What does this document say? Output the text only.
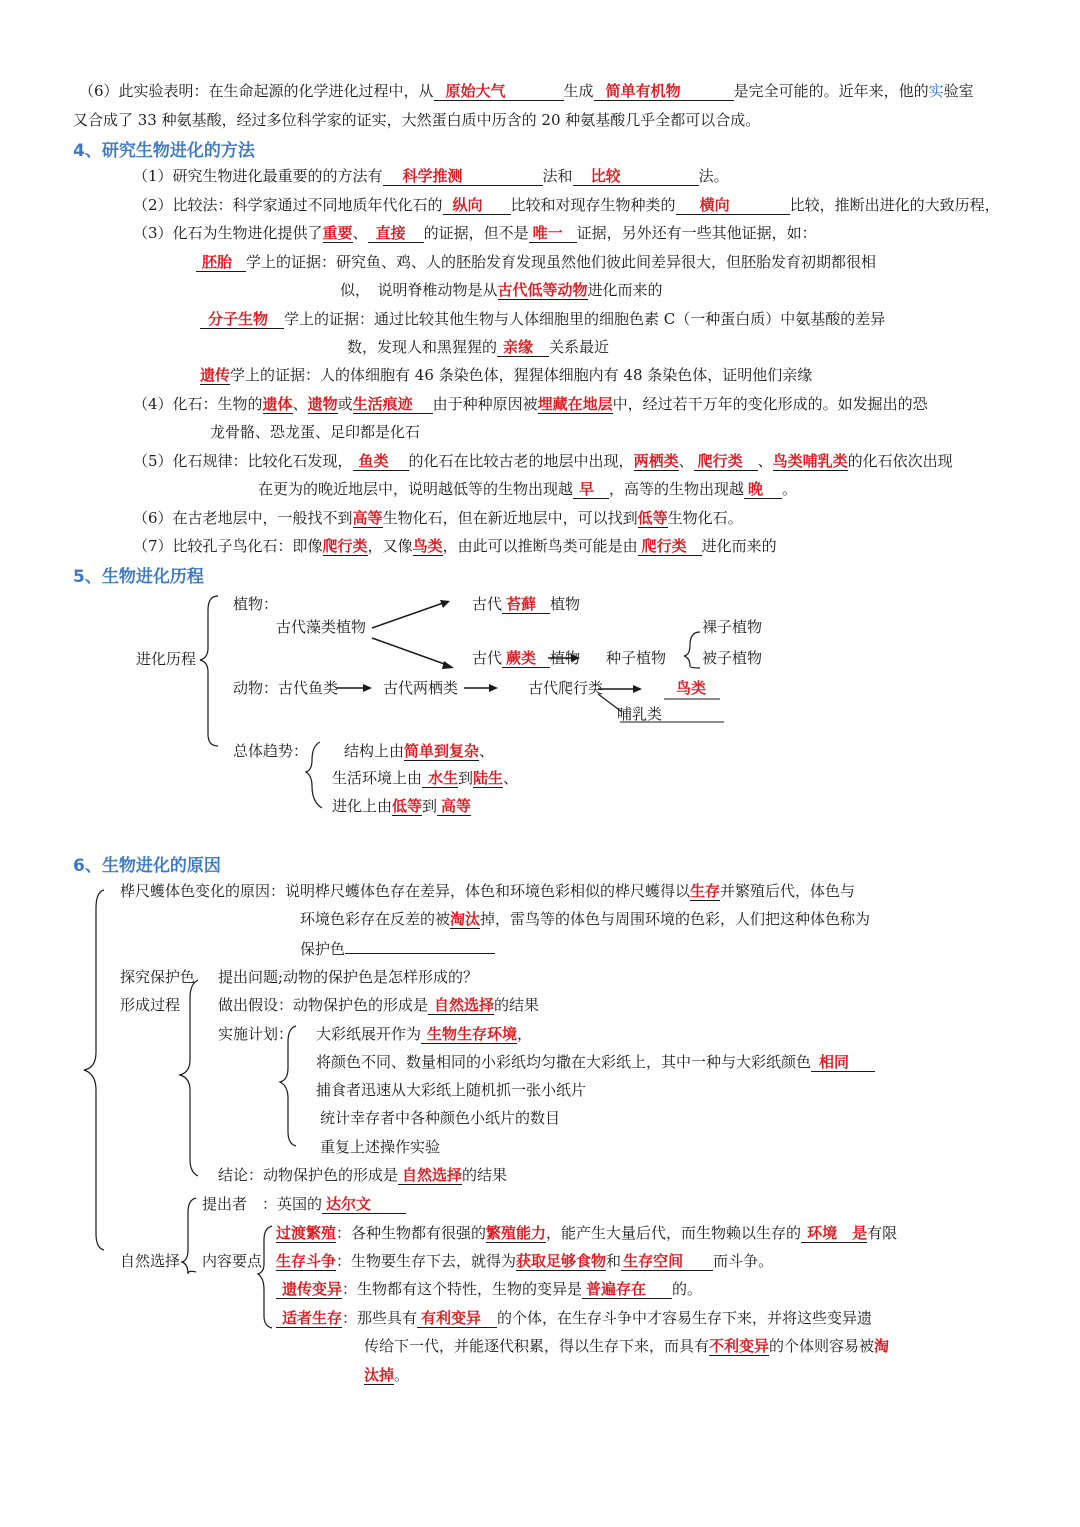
（6）此实验表明：在生命起源的化学进化过程中，从 原始大气	生成 简单有机物	是完全可能的。近年来，他的实验室
又合成了 33 种氨基酸，经过多位科学家的证实，大然蛋白质中历含的 20 种氨基酸几乎全都可以合成。
4、研究生物进化的方法
（1）研究生物进化最重要的的方法有 科学推测	法和 比较	法。
（2）比较法：科学家通过不同地质年代化石的 纵向 比较和对现存生物种类的 横向	比较，推断出进化的大致历程，
（3）化石为生物进化提供了重要、 直接 的证据，但不是 唯一 证据，另外还有一些其他证据，如：
胚胎 学上的证据：研究鱼、鸡、人的胚胎发育发现虽然他们彼此间差异很大，但胚胎发育初期都很相
似，　说明脊椎动物是从古代低等动物进化而来的
分子生物 学上的证据：通过比较其他生物与人体细胞里的细胞色素 C（一种蛋白质）中氨基酸的差异
数，发现人和黑猩猩的 亲缘 关系最近
遗传学上的证据：人的体细胞有 46 条染色体，猩猩体细胞内有 48 条染色体，证明他们亲缘
（4）化石：生物的遗体、遗物或生活痕迹 由于种种原因被埋藏在地层中，经过若干万年的变化形成的。如发掘出的恐
龙骨骼、恐龙蛋、足印都是化石
（5）化石规律：比较化石发现， 鱼类 的化石在比较古老的地层中出现，两栖类、 爬行类 、鸟类哺乳类的化石依次出现
在更为的晚近地层中，说明越低等的生物出现越 早 ，高等的生物出现越 晚 。
（6）在古老地层中，一般找不到高等生物化石，但在新近地层中，可以找到低等生物化石。
（7）比较孔子鸟化石：即像爬行类，又像鸟类，由此可以推断鸟类可能是由 爬行类 进化而来的
5、生物进化历程
进化历程
植物：
古代藻类植物
古代 苔藓 植物
古代 蕨类 植物 种子植物
裸子植物
被子植物
动物：古代鱼类	古代两栖类	古代爬行类	鸟类
哺乳类
总体趋势： 结构上由简单到复杂、
生活环境上由 水生到陆生、
进化上由低等到 高等
6、生物进化的原因
桦尺蠖体色变化的原因：说明桦尺蠖体色存在差异，体色和环境色彩相似的桦尺蠖得以生存并繁殖后代，体色与
环境色彩存在反差的被淘汰掉，雷鸟等的体色与周围环境的色彩，人们把这种体色称为
保护色
探究保护色
形成过程
提出问题;动物的保护色是怎样形成的？
做出假设：动物保护色的形成是 自然选择的结果
实施计划： 大彩纸展开作为 生物生存环境，
将颜色不同、数量相同的小彩纸均匀撒在大彩纸上，其中一种与大彩纸颜色 相同
捕食者迅速从大彩纸上随机抓一张小纸片
统计幸存者中各种颜色小纸片的数目
重复上述操作实验
结论：动物保护色的形成是 自然选择的结果
提出者　：英国的 达尔文
自然选择 内容要点
过渡繁殖：各种生物都有很强的繁殖能力，能产生大量后代，而生物赖以生存的 环境　是有限
生存斗争：生物要生存下去，就得为获取足够食物和 生存空间 而斗争。
遗传变异：生物都有这个特性，生物的变异是 普遍存在 的。
适者生存：那些具有 有利变异 的个体，在生存斗争中才容易生存下来，并将这些变异遗
传给下一代，并能逐代积累，得以生存下来，而具有不利变异的个体则容易被淘
汰掉。
